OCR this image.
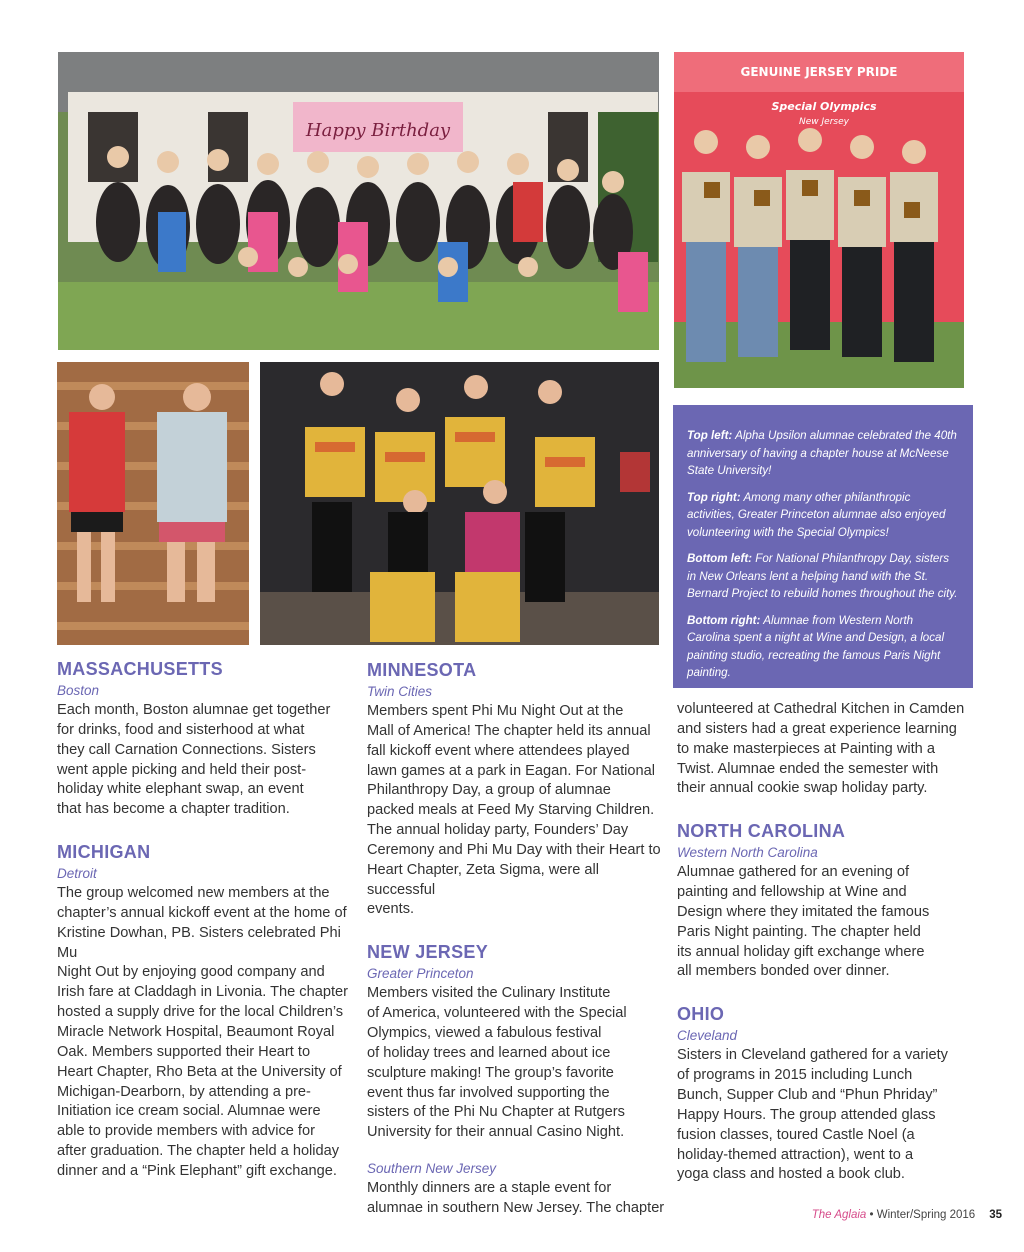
Happy Birthday
GENUINE JERSEY PRIDE
Special Olympics
New Jersey

Top left: Alpha Upsilon alumnae celebrated the 40th anniversary of having a chapter house at McNeese State University!

Top right: Among many other philanthropic activities, Greater Princeton alumnae also enjoyed volunteering with the Special Olympics!

Bottom left: For National Philanthropy Day, sisters in New Orleans lent a helping hand with the St. Bernard Project to rebuild homes throughout the city.

Bottom right: Alumnae from Western North Carolina spent a night at Wine and Design, a local painting studio, recreating the famous Paris Night painting.

MASSACHUSETTS

Boston

Each month, Boston alumnae get together
for drinks, food and sisterhood at what
they call Carnation Connections. Sisters
went apple picking and held their post-
holiday white elephant swap, an event
that has become a chapter tradition.
MICHIGAN

Detroit

The group welcomed new members at the
chapter’s annual kickoff event at the home of
Kristine Dowhan, PB. Sisters celebrated Phi Mu
Night Out by enjoying good company and
Irish fare at Claddagh in Livonia. The chapter
hosted a supply drive for the local Children’s
Miracle Network Hospital, Beaumont Royal
Oak. Members supported their Heart to
Heart Chapter, Rho Beta at the University of
Michigan-Dearborn, by attending a pre-
Initiation ice cream social. Alumnae were
able to provide members with advice for
after graduation. The chapter held a holiday
dinner and a “Pink Elephant” gift exchange.
MINNESOTA

Twin Cities

Members spent Phi Mu Night Out at the
Mall of America! The chapter held its annual
fall kickoff event where attendees played
lawn games at a park in Eagan. For National
Philanthropy Day, a group of alumnae
packed meals at Feed My Starving Children.
The annual holiday party, Founders’ Day
Ceremony and Phi Mu Day with their Heart to
Heart Chapter, Zeta Sigma, were all successful
events.
NEW JERSEY

Greater Princeton

Members visited the Culinary Institute
of America, volunteered with the Special
Olympics, viewed a fabulous festival
of holiday trees and learned about ice
sculpture making! The group’s favorite
event thus far involved supporting the
sisters of the Phi Nu Chapter at Rutgers
University for their annual Casino Night.

Southern New Jersey

Monthly dinners are a staple event for
alumnae in southern New Jersey. The chapter
volunteered at Cathedral Kitchen in Camden
and sisters had a great experience learning
to make masterpieces at Painting with a
Twist. Alumnae ended the semester with
their annual cookie swap holiday party.
NORTH CAROLINA

Western North Carolina

Alumnae gathered for an evening of
painting and fellowship at Wine and
Design where they imitated the famous
Paris Night painting. The chapter held
its annual holiday gift exchange where
all members bonded over dinner.
OHIO

Cleveland

Sisters in Cleveland gathered for a variety
of programs in 2015 including Lunch
Bunch, Supper Club and “Phun Phriday”
Happy Hours. The group attended glass
fusion classes, toured Castle Noel (a
holiday-themed attraction), went to a
yoga class and hosted a book club.
The Aglaia • Winter/Spring 2016 35
